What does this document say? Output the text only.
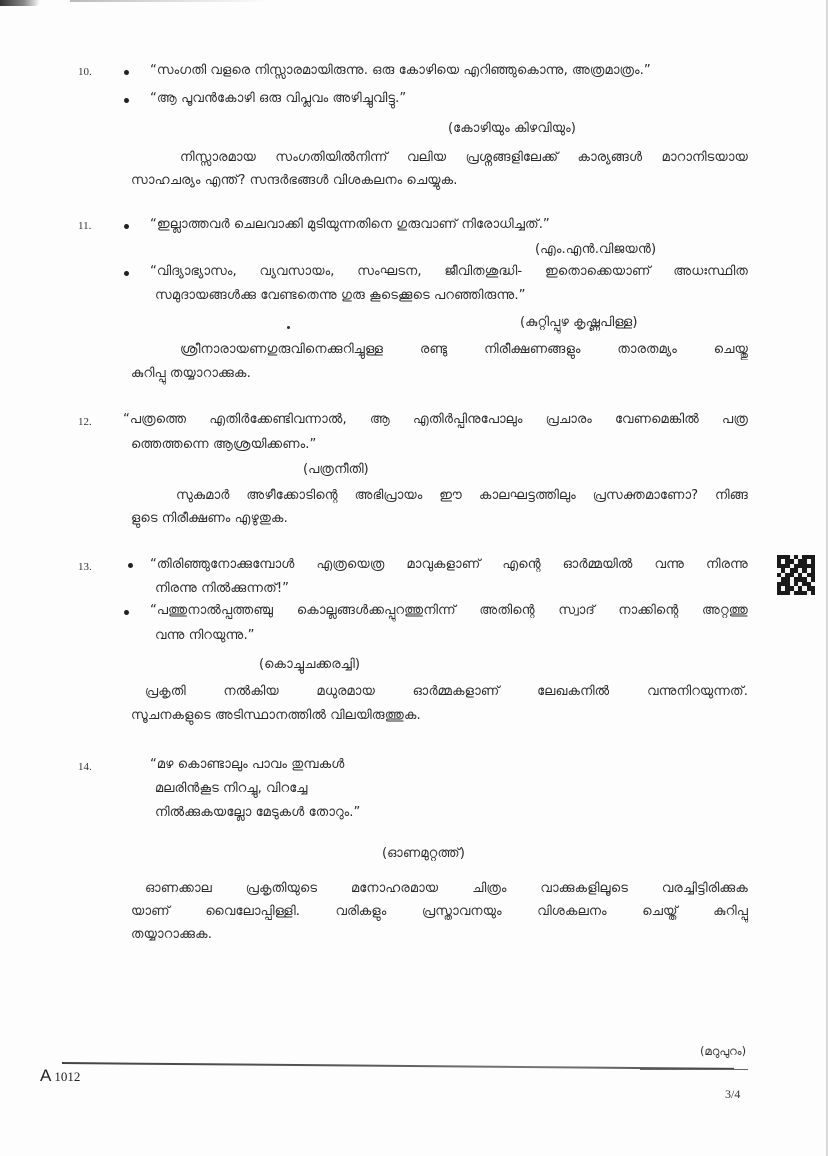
10.	“സംഗതി വളരെ നിസ്സാരമായിരുന്നു. ഒരു കോഴിയെ എറിഞ്ഞുകൊന്നു, അത്രമാത്രം.”
“ആ പൂവൻകോഴി ഒരു വിപ്ലവം അഴിച്ചുവിട്ടു.”
(കോഴിയും കിഴവിയും)
നിസ്സാരമായ സംഗതിയിൽനിന്ന് വലിയ പ്രശ്നങ്ങളിലേക്ക് കാര്യങ്ങൾ മാറാനിടയായ
സാഹചര്യം എന്ത്? സന്ദർഭങ്ങൾ വിശകലനം ചെയ്യുക.
11.	“ഇല്ലാത്തവർ ചെലവാക്കി മുടിയുന്നതിനെ ഗുരുവാണ് നിരോധിച്ചത്.”
(എം.എൻ.വിജയൻ)
“വിദ്യാഭ്യാസം, വ്യവസായം, സംഘടന, ജീവിതശുദ്ധി- ഇതൊക്കെയാണ് അധഃസ്ഥിത
സമുദായങ്ങൾക്കു വേണ്ടതെന്നു ഗുരു കൂടെക്കൂടെ പറഞ്ഞിരുന്നു.”
(കുറ്റിപ്പുഴ കൃഷ്ണപിള്ള)
ശ്രീനാരായണഗുരുവിനെക്കുറിച്ചുള്ള രണ്ടു നിരീക്ഷണങ്ങളും താരതമ്യം ചെയ്തു
കുറിപ്പു തയ്യാറാക്കുക.
12. “പത്രത്തെ എതിർക്കേണ്ടിവന്നാൽ, ആ എതിർപ്പിനുപോലും പ്രചാരം വേണമെങ്കിൽ പത്ര
ത്തെത്തന്നെ ആശ്രയിക്കണം.”
(പത്രനീതി)
സുകുമാർ അഴീക്കോടിന്റെ അഭിപ്രായം ഈ കാലഘട്ടത്തിലും പ്രസക്തമാണോ? നിങ്ങ
ളുടെ നിരീക്ഷണം എഴുതുക.
13.	“തിരിഞ്ഞുനോക്കുമ്പോൾ എത്രയെത്ര മാവുകളാണ് എന്റെ ഓർമ്മയിൽ വന്നു നിരന്നു
നിരന്നു നിൽക്കുന്നത്!”
“പത്തുനാൽപ്പത്തഞ്ചു കൊല്ലങ്ങൾക്കപ്പുറത്തുനിന്ന് അതിന്റെ സ്വാദ് നാക്കിന്റെ അറ്റത്തു
വന്നു നിറയുന്നു.”
(കൊച്ചുചക്കരച്ചി)
പ്രകൃതി നൽകിയ മധുരമായ ഓർമ്മകളാണ് ലേഖകനിൽ വന്നുനിറയുന്നത്.
സൂചനകളുടെ അടിസ്ഥാനത്തിൽ വിലയിരുത്തുക.
14.	“മഴ കൊണ്ടാലും പാവം തുമ്പകൾ
മലരിൻകൂട നിറച്ചു, വിറച്ചേ
നിൽക്കുകയല്ലോ മേടുകൾ തോറും.”
(ഓണമുറ്റത്ത്)
ഓണക്കാല പ്രകൃതിയുടെ മനോഹരമായ ചിത്രം വാക്കുകളിലൂടെ വരച്ചിട്ടിരിക്കുക
യാണ് വൈലോപ്പിള്ളി. വരികളും പ്രസ്താവനയും വിശകലനം ചെയ്ത് കുറിപ്പു
തയ്യാറാക്കുക.
(മറുപുറം)
A 1012
3/4
